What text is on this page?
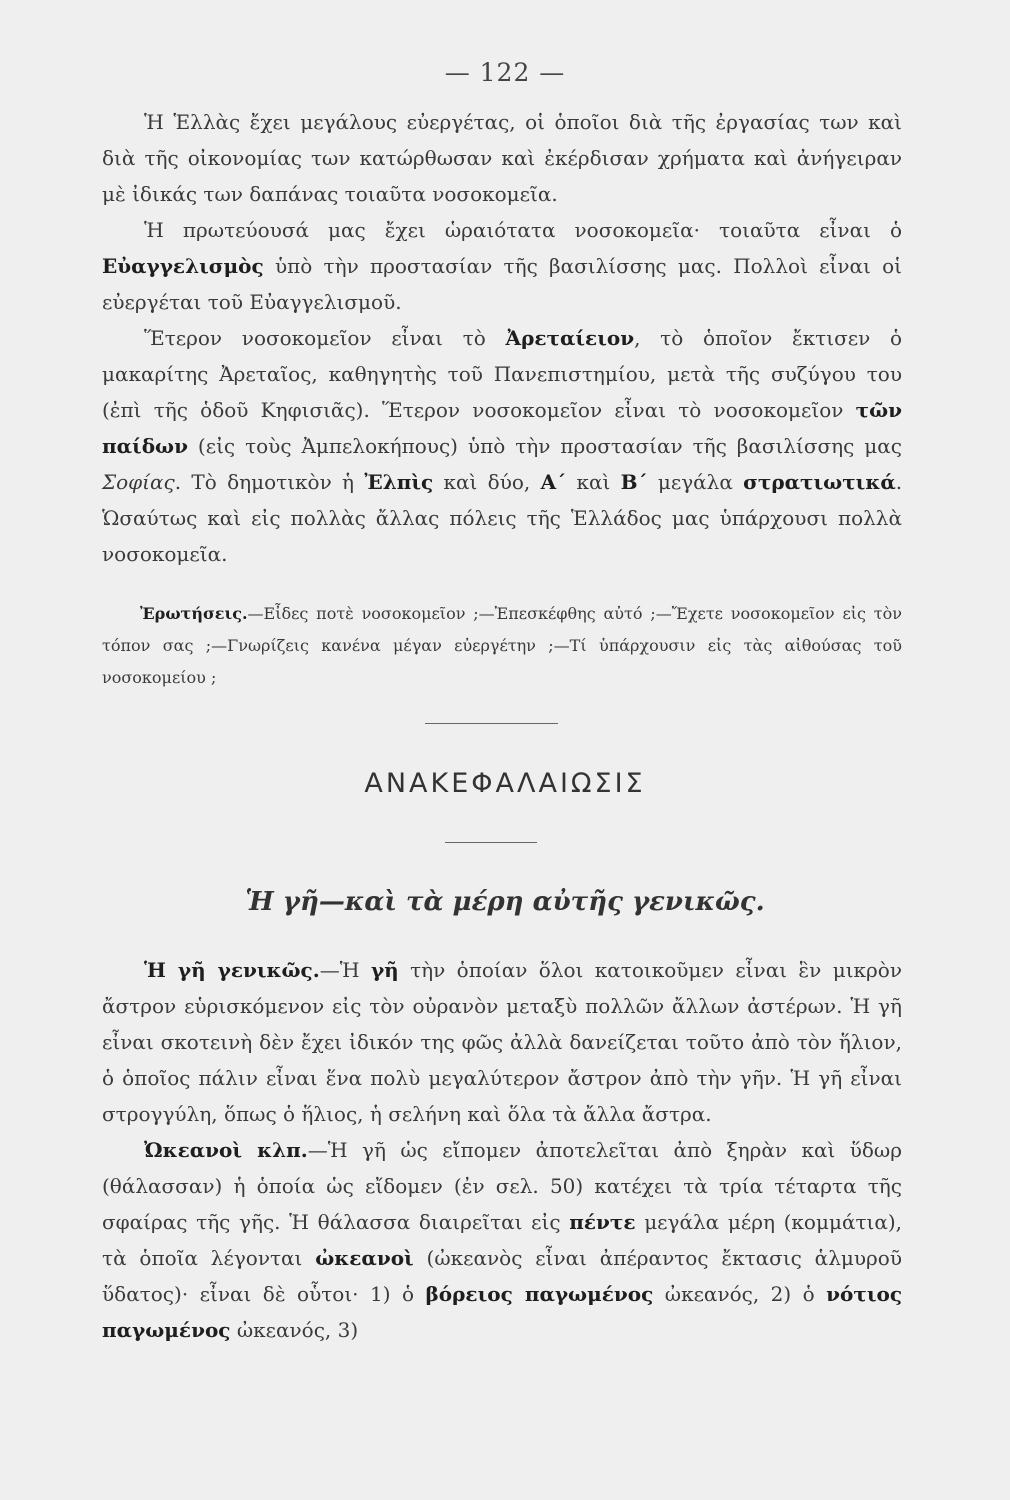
— 122 —

Ἡ Ἑλλὰς ἔχει μεγάλους εὐεργέτας, οἱ ὁποῖοι διὰ τῆς ἐργασίας των καὶ διὰ τῆς οἰκονομίας των κατώρθωσαν καὶ ἐκέρδισαν χρήματα καὶ ἀνήγειραν μὲ ἰδικάς των δαπάνας τοιαῦτα νοσοκομεῖα.

Ἡ πρωτεύουσά μας ἔχει ὡραιότατα νοσοκομεῖα· τοιαῦτα εἶναι ὁ Εὐαγγελισμὸς ὑπὸ τὴν προστασίαν τῆς βασιλίσσης μας. Πολλοὶ εἶναι οἱ εὐεργέται τοῦ Εὐαγγελισμοῦ.

Ἕτερον νοσοκομεῖον εἶναι τὸ Ἀρεταίειον, τὸ ὁποῖον ἔκτισεν ὁ μακαρίτης Ἀρεταῖος, καθηγητὴς τοῦ Πανεπιστημίου, μετὰ τῆς συζύγου του (ἐπὶ τῆς ὁδοῦ Κηφισιᾶς). Ἕτερον νοσοκομεῖον εἶναι τὸ νοσοκομεῖον τῶν παίδων (εἰς τοὺς Ἀμπελοκήπους) ὑπὸ τὴν προστασίαν τῆς βασιλίσσης μας Σοφίας. Τὸ δημοτικὸν ἡ Ἐλπὶς καὶ δύο, Α΄ καὶ Β΄ μεγάλα στρατιωτικά. Ὡσαύτως καὶ εἰς πολλὰς ἄλλας πόλεις τῆς Ἑλλάδος μας ὑπάρχουσι πολλὰ νοσοκομεῖα.

Ἐρωτήσεις.—Εἶδες ποτὲ νοσοκομεῖον ;—Ἐπεσκέφθης αὐτό ;—Ἔχετε νοσοκομεῖον εἰς τὸν τόπον σας ;—Γνωρίζεις κανένα μέγαν εὐεργέτην ;—Τί ὑπάρχουσιν εἰς τὰς αἰθούσας τοῦ νοσοκομείου ;
ΑΝΑΚΕΦΑΛΑΙΩΣΙΣ
Ἡ γῆ—καὶ τὰ μέρη αὐτῆς γενικῶς.

Ἡ γῆ γενικῶς.—Ἡ γῆ τὴν ὁποίαν ὅλοι κατοικοῦμεν εἶναι ἓν μικρὸν ἄστρον εὑρισκόμενον εἰς τὸν οὐρανὸν μεταξὺ πολλῶν ἄλλων ἀστέρων. Ἡ γῆ εἶναι σκοτεινὴ δὲν ἔχει ἰδικόν της φῶς ἀλλὰ δανείζεται τοῦτο ἀπὸ τὸν ἥλιον, ὁ ὁποῖος πάλιν εἶναι ἕνα πολὺ μεγαλύτερον ἄστρον ἀπὸ τὴν γῆν. Ἡ γῆ εἶναι στρογγύλη, ὅπως ὁ ἥλιος, ἡ σελήνη καὶ ὅλα τὰ ἄλλα ἄστρα.

Ὠκεανοὶ κλπ.—Ἡ γῆ ὡς εἴπομεν ἀποτελεῖται ἀπὸ ξηρὰν καὶ ὕδωρ (θάλασσαν) ἡ ὁποία ὡς εἴδομεν (ἐν σελ. 50) κατέχει τὰ τρία τέταρτα τῆς σφαίρας τῆς γῆς. Ἡ θάλασσα διαιρεῖται εἰς πέντε μεγάλα μέρη (κομμάτια), τὰ ὁποῖα λέγονται ὠκεανοὶ (ὠκεανὸς εἶναι ἀπέραντος ἔκτασις ἁλμυροῦ ὕδατος)· εἶναι δὲ οὗτοι· 1) ὁ βόρειος παγωμένος ὠκεανός, 2) ὁ νότιος παγωμένος ὠκεανός, 3)
